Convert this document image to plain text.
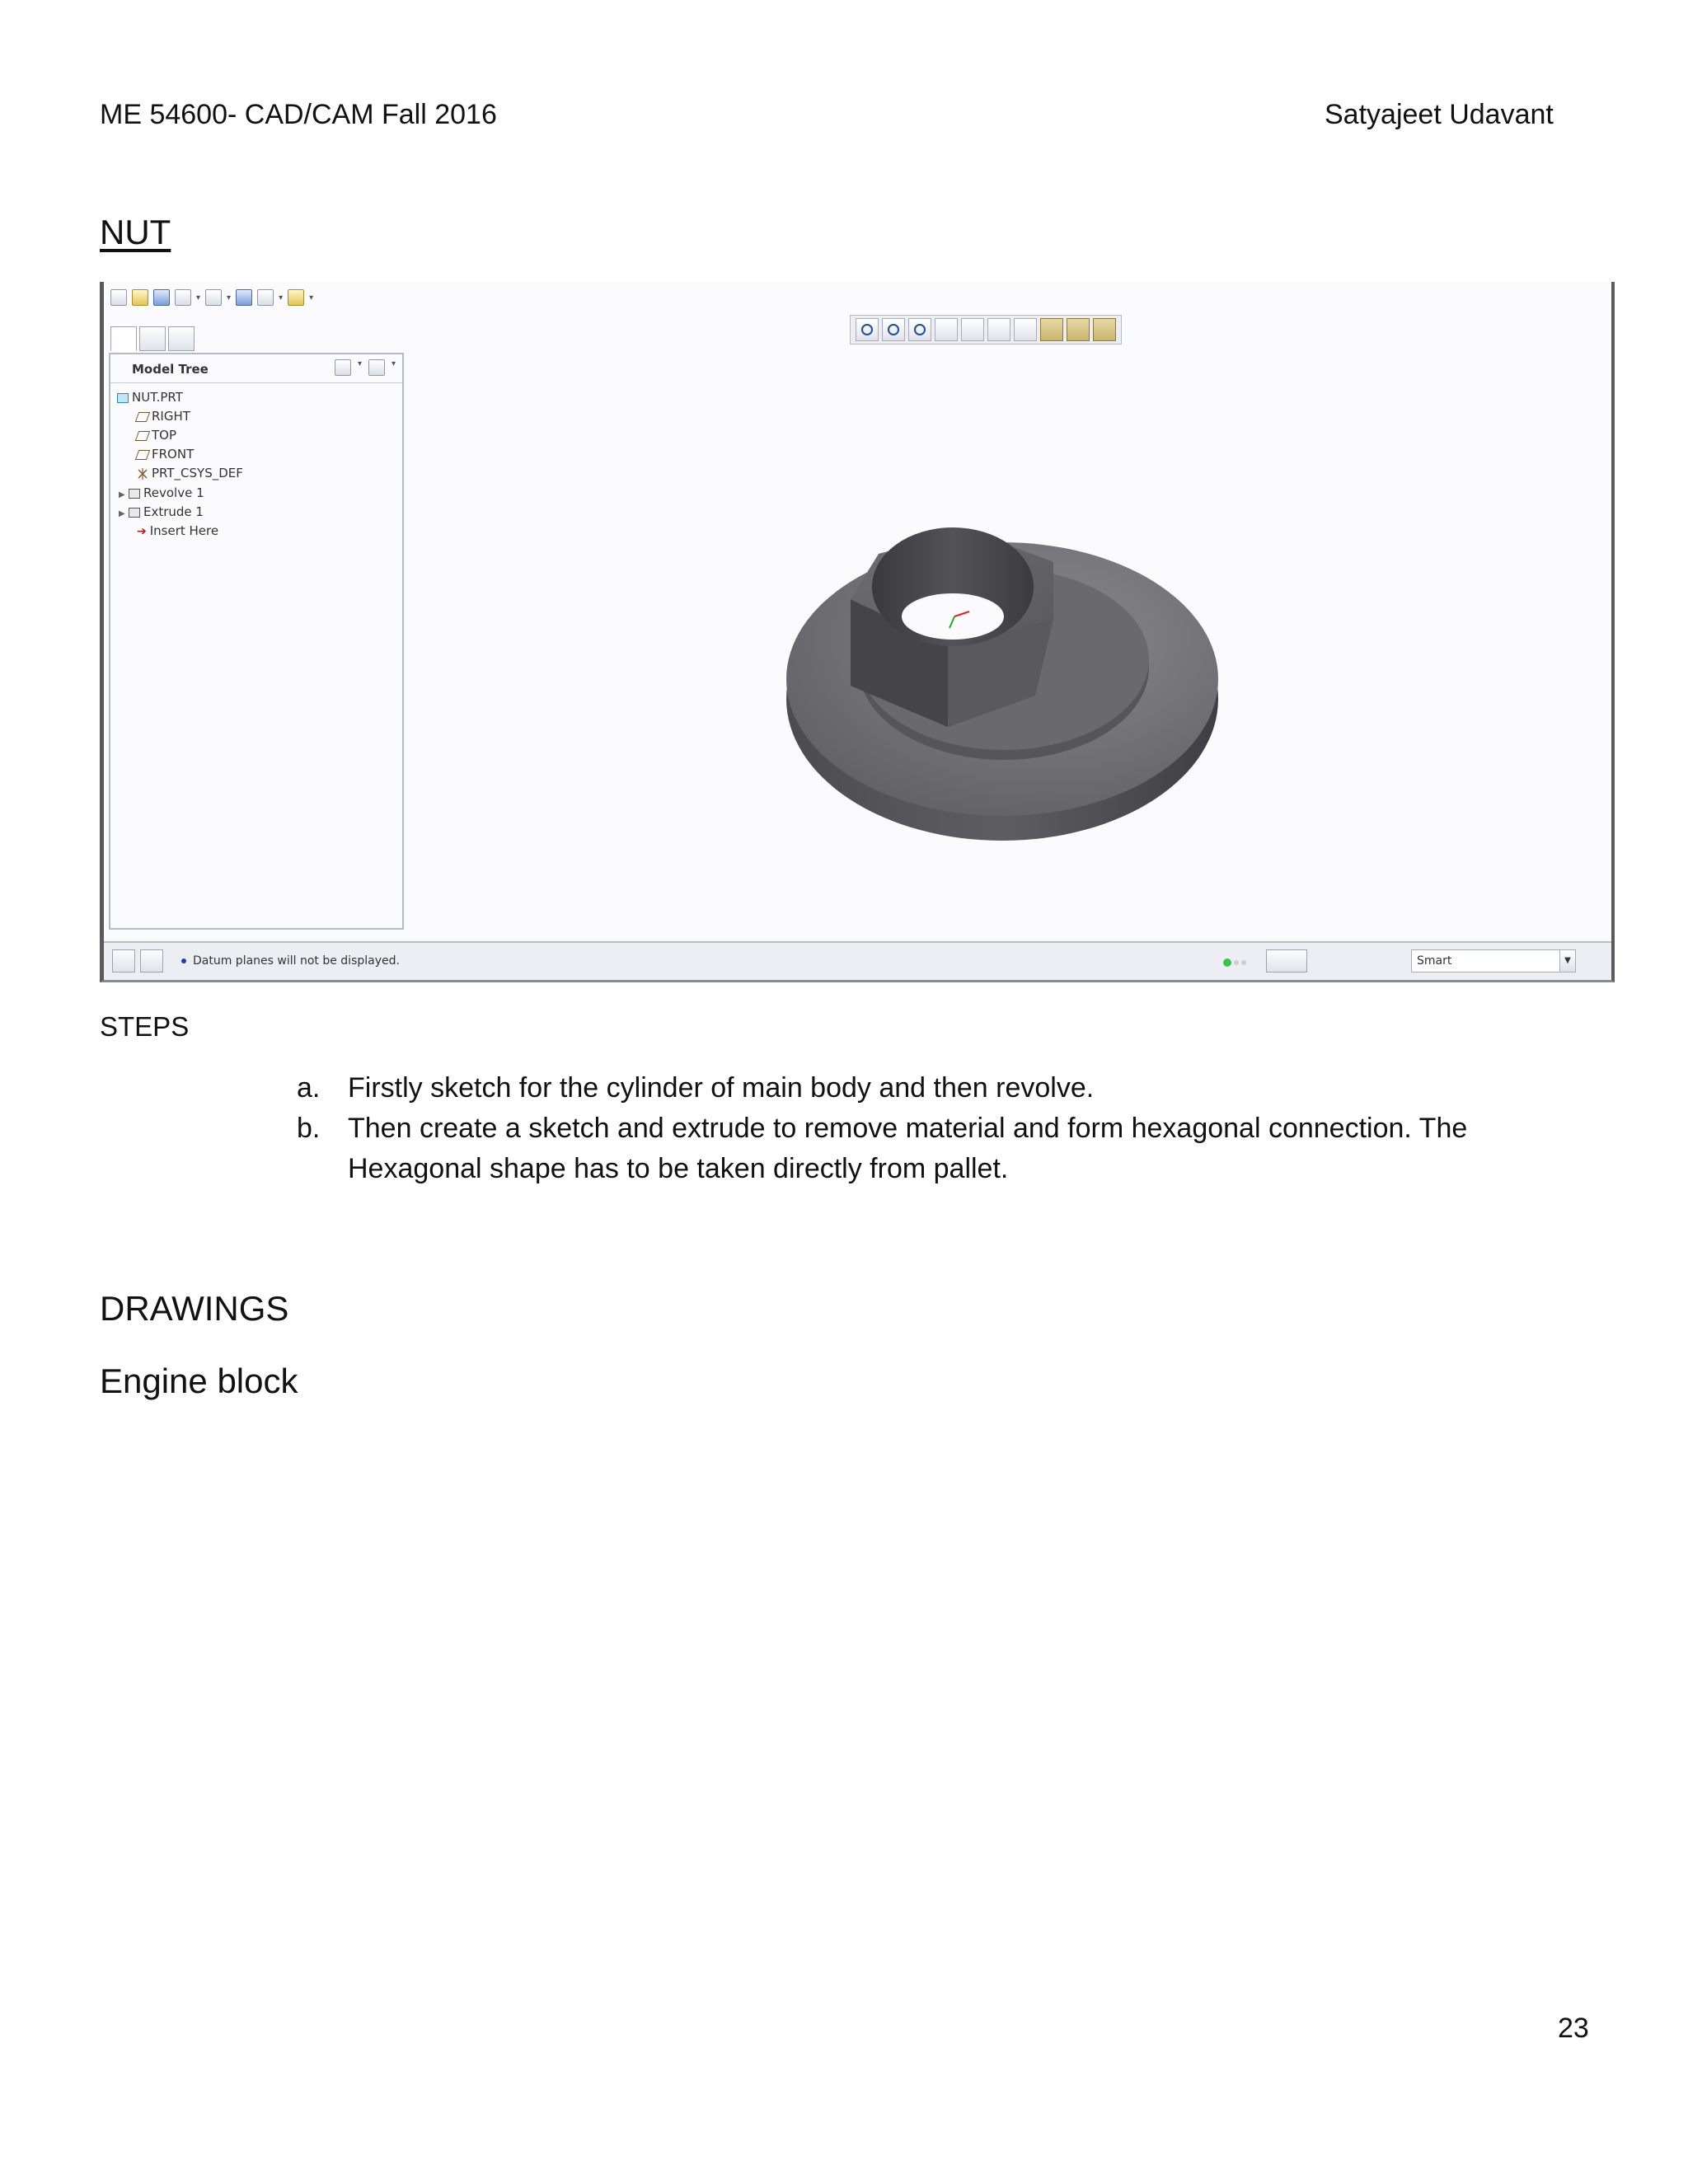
ME 54600- CAD/CAM Fall 2016	Satyajeet Udavant
NUT
▾	▾	▾	▾
Model Tree	▾	▾
NUT.PRT
RIGHT
TOP
FRONT
PRT_CSYS_DEF
▶ Revolve 1
▶ Extrude 1
➔ Insert Here
Datum planes will not be displayed.	Smart	▼
STEPS
a. Firstly sketch for the cylinder of main body and then revolve.
b. Then create a sketch and extrude to remove material and form hexagonal connection. The Hexagonal shape has to be taken directly from pallet.
DRAWINGS
Engine block
23
